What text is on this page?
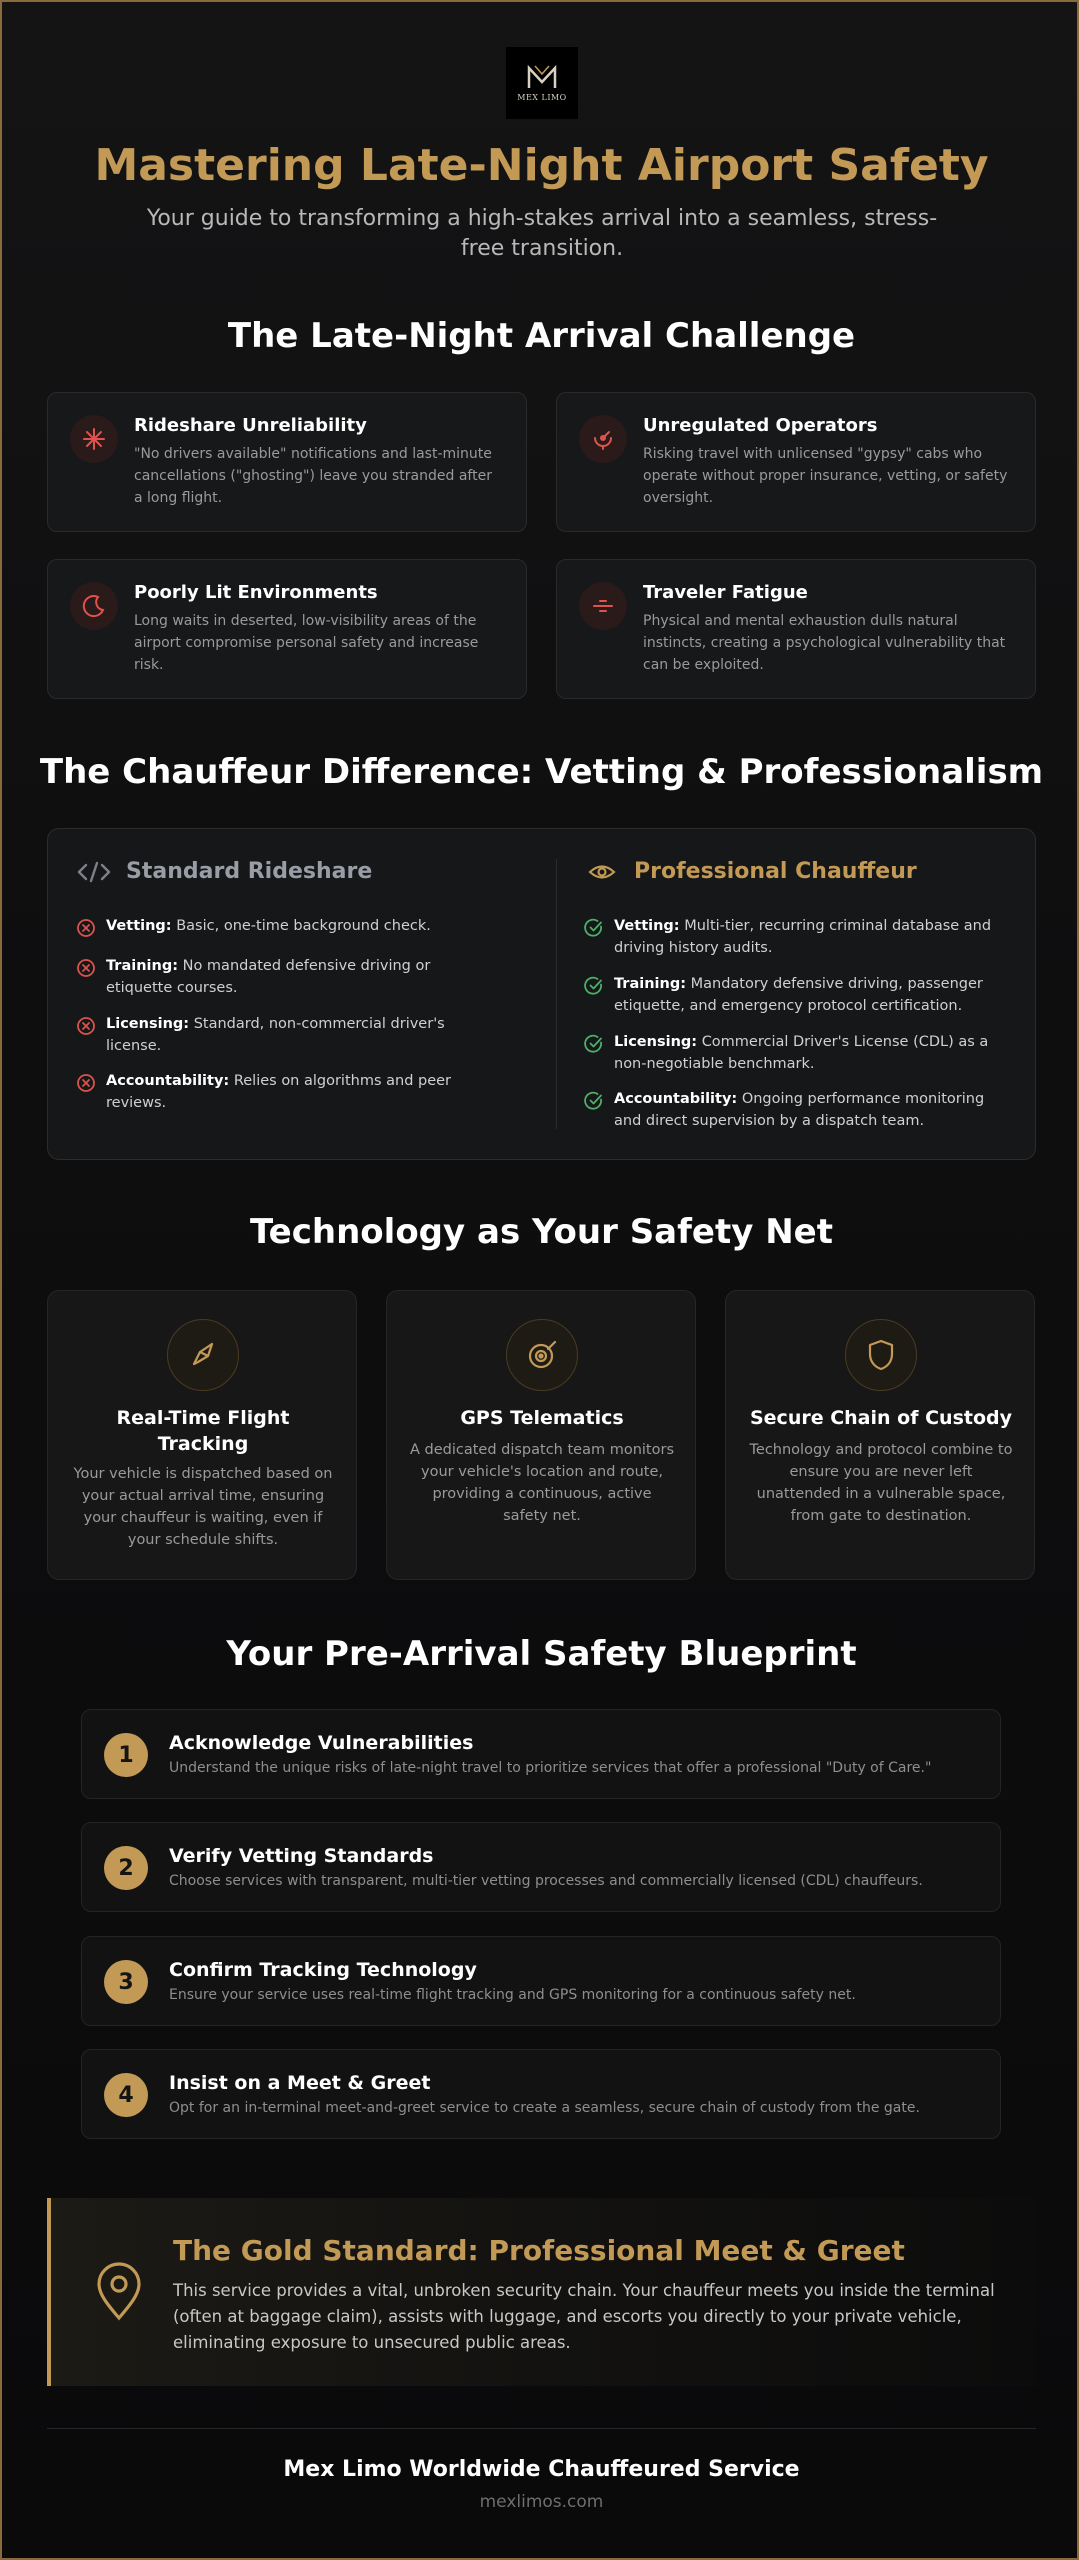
MEX LIMO
Mastering Late-Night Airport Safety

Your guide to transforming a high-stakes arrival into a seamless, stress-free transition.

The Late-Night Arrival Challenge
Rideshare Unreliability
"No drivers available" notifications and last-minute cancellations ("ghosting") leave you stranded after a long flight.
Unregulated Operators
Risking travel with unlicensed "gypsy" cabs who operate without proper insurance, vetting, or safety oversight.
Poorly Lit Environments
Long waits in deserted, low-visibility areas of the airport compromise personal safety and increase risk.
Traveler Fatigue
Physical and mental exhaustion dulls natural instincts, creating a psychological vulnerability that can be exploited.
The Chauffeur Difference: Vetting & Professionalism
Standard Rideshare
Vetting: Basic, one-time background check.
Training: No mandated defensive driving or etiquette courses.
Licensing: Standard, non-commercial driver's license.
Accountability: Relies on algorithms and peer reviews.
Professional Chauffeur
Vetting: Multi-tier, recurring criminal database and driving history audits.
Training: Mandatory defensive driving, passenger etiquette, and emergency protocol certification.
Licensing: Commercial Driver's License (CDL) as a non-negotiable benchmark.
Accountability: Ongoing performance monitoring and direct supervision by a dispatch team.
Technology as Your Safety Net
Real-Time Flight Tracking
Your vehicle is dispatched based on your actual arrival time, ensuring your chauffeur is waiting, even if your schedule shifts.
GPS Telematics
A dedicated dispatch team monitors your vehicle's location and route, providing a continuous, active safety net.
Secure Chain of Custody
Technology and protocol combine to ensure you are never left unattended in a vulnerable space, from gate to destination.
Your Pre-Arrival Safety Blueprint
1	Acknowledge Vulnerabilities
Understand the unique risks of late-night travel to prioritize services that offer a professional "Duty of Care."
2	Verify Vetting Standards
Choose services with transparent, multi-tier vetting processes and commercially licensed (CDL) chauffeurs.
3	Confirm Tracking Technology
Ensure your service uses real-time flight tracking and GPS monitoring for a continuous safety net.
4	Insist on a Meet & Greet
Opt for an in-terminal meet-and-greet service to create a seamless, secure chain of custody from the gate.
The Gold Standard: Professional Meet & Greet
This service provides a vital, unbroken security chain. Your chauffeur meets you inside the terminal (often at baggage claim), assists with luggage, and escorts you directly to your private vehicle, eliminating exposure to unsecured public areas.
Mex Limo Worldwide Chauffeured Service
mexlimos.com
